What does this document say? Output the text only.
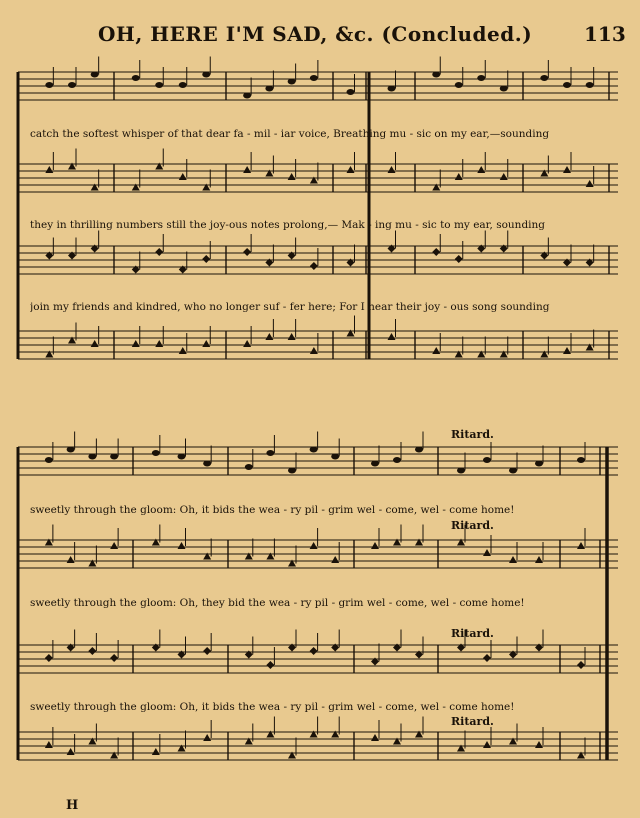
OH, HERE I'M SAD, &c. (Concluded.)	113
catch the softest whisper of that dear fa - mil - iar voice, Breathing mu - sic on my ear,—sounding
they in thrilling numbers still the joy-ous notes prolong,— Mak - ing mu - sic to my ear, sounding
join my friends and kindred, who no longer suf - fer here; For I hear their joy - ous song sounding
Ritard.
sweetly through the gloom: Oh, it bids the wea - ry pil - grim wel - come, wel - come home!
Ritard.
sweetly through the gloom: Oh, they bid the wea - ry pil - grim wel - come, wel - come home!
Ritard.
sweetly through the gloom: Oh, it bids the wea - ry pil - grim wel - come, wel - come home!
Ritard.
H
